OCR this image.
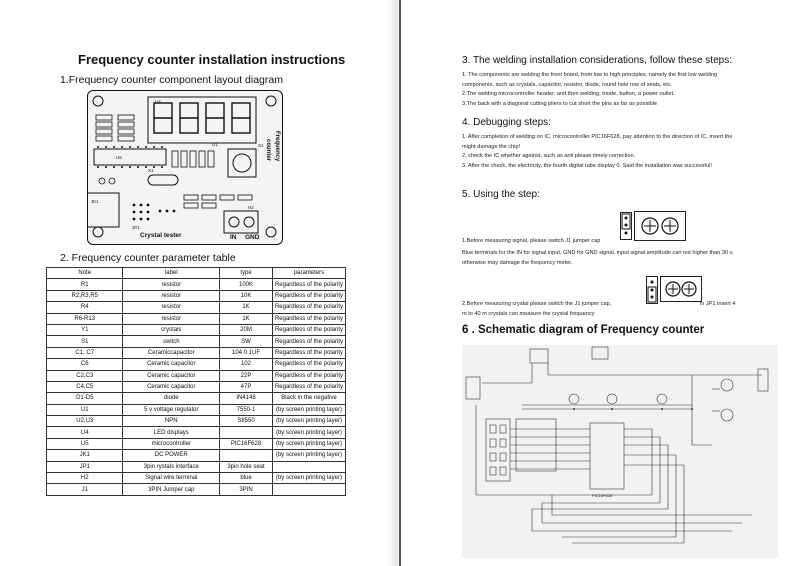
Frequency counter installation instructions
1.Frequency counter component layout diagram
U4
U5
U1
JK1
JP1
S1
X1
H2
Frequency
counter
Crystal tester	IN GND
2. Frequency counter parameter table
Note	label	type	parameters
R1	resistor	100K	Regardless of the polarity
R2,R3,R5	resistor	10K	Regardless of the polarity
R4	resistor	1K	Regardless of the polarity
R6-R13	resistor	1K	Regardless of the polarity
Y1	crystals	20M	Regardless of the polarity
S1	switch	SW	Regardless of the polarity
C1, C7	Ceramiccapacitor	104 0.1UF	Regardless of the polarity
C6	Ceramic capacitor	102	Regardless of the polarity
C2,C3	Ceramic capacitor	22P	Regardless of the polarity
C4,C5	Ceramic capacitor	47P	Regardless of the polarity
D1-D5	diode	IN4148	Black in the negative
U1	5 v voltage regulator	7550-1	(by screen printing layer)
U2,U3	NPN	S8550	(by screen printing layer)
U4	LED displays		(by screen printing layer)
U5	microcontroller	PIC16F628	(by screen printing layer)
JK1	DC POWER		(by screen printing layer)
JP1	3pin rystals interface	3pin hole seat	
H2	Signal wire terminal	blue	(by screen printing layer)
J1	3PIN Jumper cap	3PIN	
3. The welding installation considerations, follow these steps:

1. The components are welding the front board, from low to high principles, namely the first low welding components, such as crystals, capacitor, resistor, diode, round hole row of seats, etc.

2.The welding microcontroller header, and then welding, triode, button, a power outlet.

3.The back with a diagonal cutting pliers to cut short the pins as far as possible

4. Debugging steps:

1. After completion of welding on IC, microcontroller PIC16F628, pay attention to the direction of IC, insert the might damage the chip!

2. check the IC whether against, such as anti please timely correction.

3. After the check, the electricity, the fourth digital tube display 0. Said the installation was successful!

5. Using the step:
1.Before measuring signal, please switch J1 jumper cap
Blue terminals for the IN for signal input, GND for GND signal, input signal amplitude can not higher than 30 v, otherwise may damage the frequency meter.
2.Before measuring crystal please switch the J1 jumper cap,	in JP1 insert 4
m to 40 m crystals can measure the crystal frequency
6 . Schematic diagram of Frequency counter
PIC16F628
